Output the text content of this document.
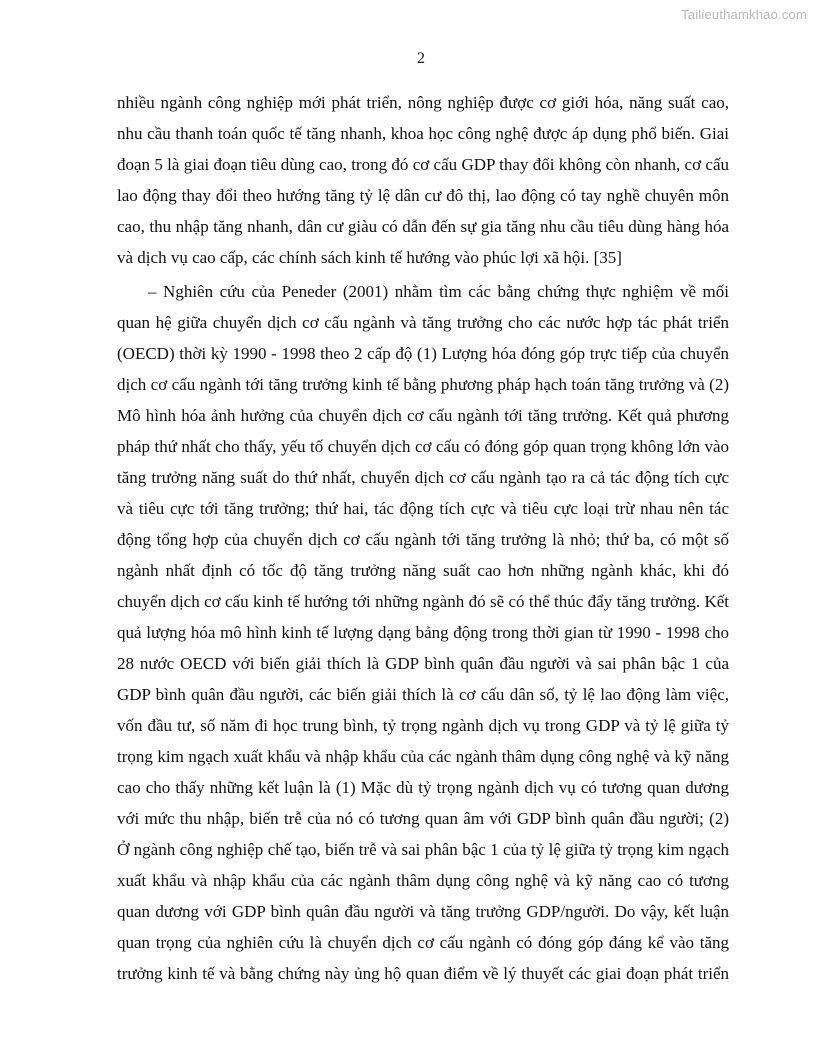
Tailieuthamkhao.com
2
nhiều ngành công nghiệp mới phát triển, nông nghiệp được cơ giới hóa, năng suất cao,
nhu cầu thanh toán quốc tế tăng nhanh, khoa học công nghệ được áp dụng phổ biến. Giai
đoạn 5 là giai đoạn tiêu dùng cao, trong đó cơ cấu GDP thay đổi không còn nhanh, cơ cấu
lao động thay đổi theo hướng tăng tỷ lệ dân cư đô thị, lao động có tay nghề chuyên môn
cao, thu nhập tăng nhanh, dân cư giàu có dẫn đến sự gia tăng nhu cầu tiêu dùng hàng hóa
và dịch vụ cao cấp, các chính sách kinh tế hướng vào phúc lợi xã hội. [35]
– Nghiên cứu của Peneder (2001) nhằm tìm các bằng chứng thực nghiệm về mối
quan hệ giữa chuyển dịch cơ cấu ngành và tăng trưởng cho các nước hợp tác phát triển
(OECD) thời kỳ 1990 - 1998 theo 2 cấp độ (1) Lượng hóa đóng góp trực tiếp của chuyển
dịch cơ cấu ngành tới tăng trưởng kinh tế bằng phương pháp hạch toán tăng trưởng và (2)
Mô hình hóa ảnh hưởng của chuyển dịch cơ cấu ngành tới tăng trưởng. Kết quả phương
pháp thứ nhất cho thấy, yếu tố chuyển dịch cơ cấu có đóng góp quan trọng không lớn vào
tăng trưởng năng suất do thứ nhất, chuyển dịch cơ cấu ngành tạo ra cả tác động tích cực
và tiêu cực tới tăng trưởng; thứ hai, tác động tích cực và tiêu cực loại trừ nhau nên tác
động tổng hợp của chuyển dịch cơ cấu ngành tới tăng trưởng là nhỏ; thứ ba, có một số
ngành nhất định có tốc độ tăng trưởng năng suất cao hơn những ngành khác, khi đó
chuyển dịch cơ cấu kinh tế hướng tới những ngành đó sẽ có thể thúc đẩy tăng trưởng. Kết
quả lượng hóa mô hình kinh tế lượng dạng bảng động trong thời gian từ 1990 - 1998 cho
28 nước OECD với biến giải thích là GDP bình quân đầu người và sai phân bậc 1 của
GDP bình quân đầu người, các biến giải thích là cơ cấu dân số, tỷ lệ lao động làm việc,
vốn đầu tư, số năm đi học trung bình, tỷ trọng ngành dịch vụ trong GDP và tỷ lệ giữa tỷ
trọng kim ngạch xuất khẩu và nhập khẩu của các ngành thâm dụng công nghệ và kỹ năng
cao cho thấy những kết luận là (1) Mặc dù tỷ trọng ngành dịch vụ có tương quan dương
với mức thu nhập, biến trễ của nó có tương quan âm với GDP bình quân đầu người; (2)
Ở ngành công nghiệp chế tạo, biến trễ và sai phân bậc 1 của tỷ lệ giữa tỷ trọng kim ngạch
xuất khẩu và nhập khẩu của các ngành thâm dụng công nghệ và kỹ năng cao có tương
quan dương với GDP bình quân đầu người và tăng trưởng GDP/người. Do vậy, kết luận
quan trọng của nghiên cứu là chuyển dịch cơ cấu ngành có đóng góp đáng kể vào tăng
trưởng kinh tế và bằng chứng này ủng hộ quan điểm về lý thuyết các giai đoạn phát triển
